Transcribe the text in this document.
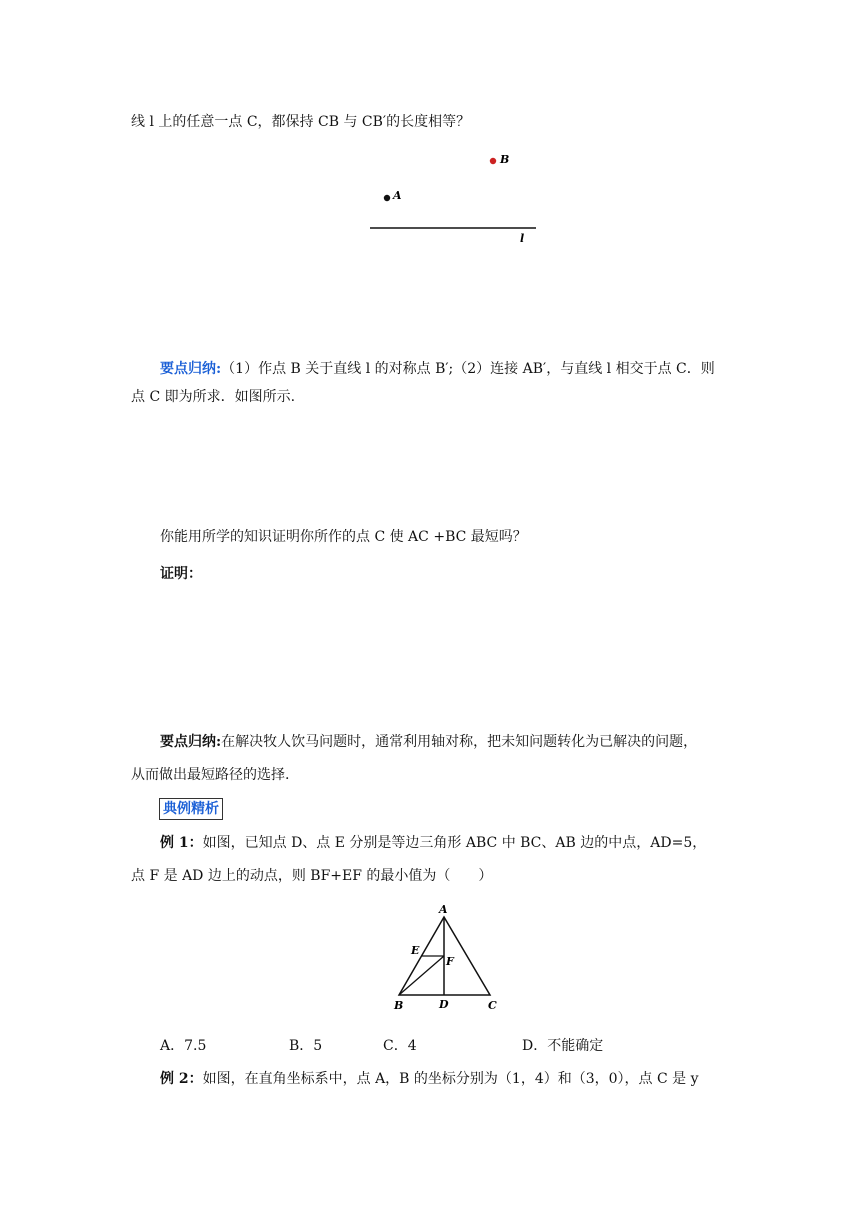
线 l 上的任意一点 C，都保持 CB 与 CB′的长度相等？
B
A
l
要点归纳:（1）作点 B 关于直线 l 的对称点 B′;（2）连接 AB′，与直线 l 相交于点 C．则
点 C 即为所求．如图所示.
你能用所学的知识证明你所作的点 C 使 AC +BC 最短吗？
证明：
要点归纳:在解决牧人饮马问题时，通常利用轴对称，把未知问题转化为已解决的问题，
从而做出最短路径的选择.
典例精析
例 1：如图，已知点 D、点 E 分别是等边三角形 ABC 中 BC、AB 边的中点，AD=5，
点 F 是 AD 边上的动点，则 BF+EF 的最小值为（　　）
A
B	C
D
E
F
A．7.5	B．5	C．4	D．不能确定
例 2：如图，在直角坐标系中，点 A，B 的坐标分别为（1，4）和（3，0），点 C 是 y
